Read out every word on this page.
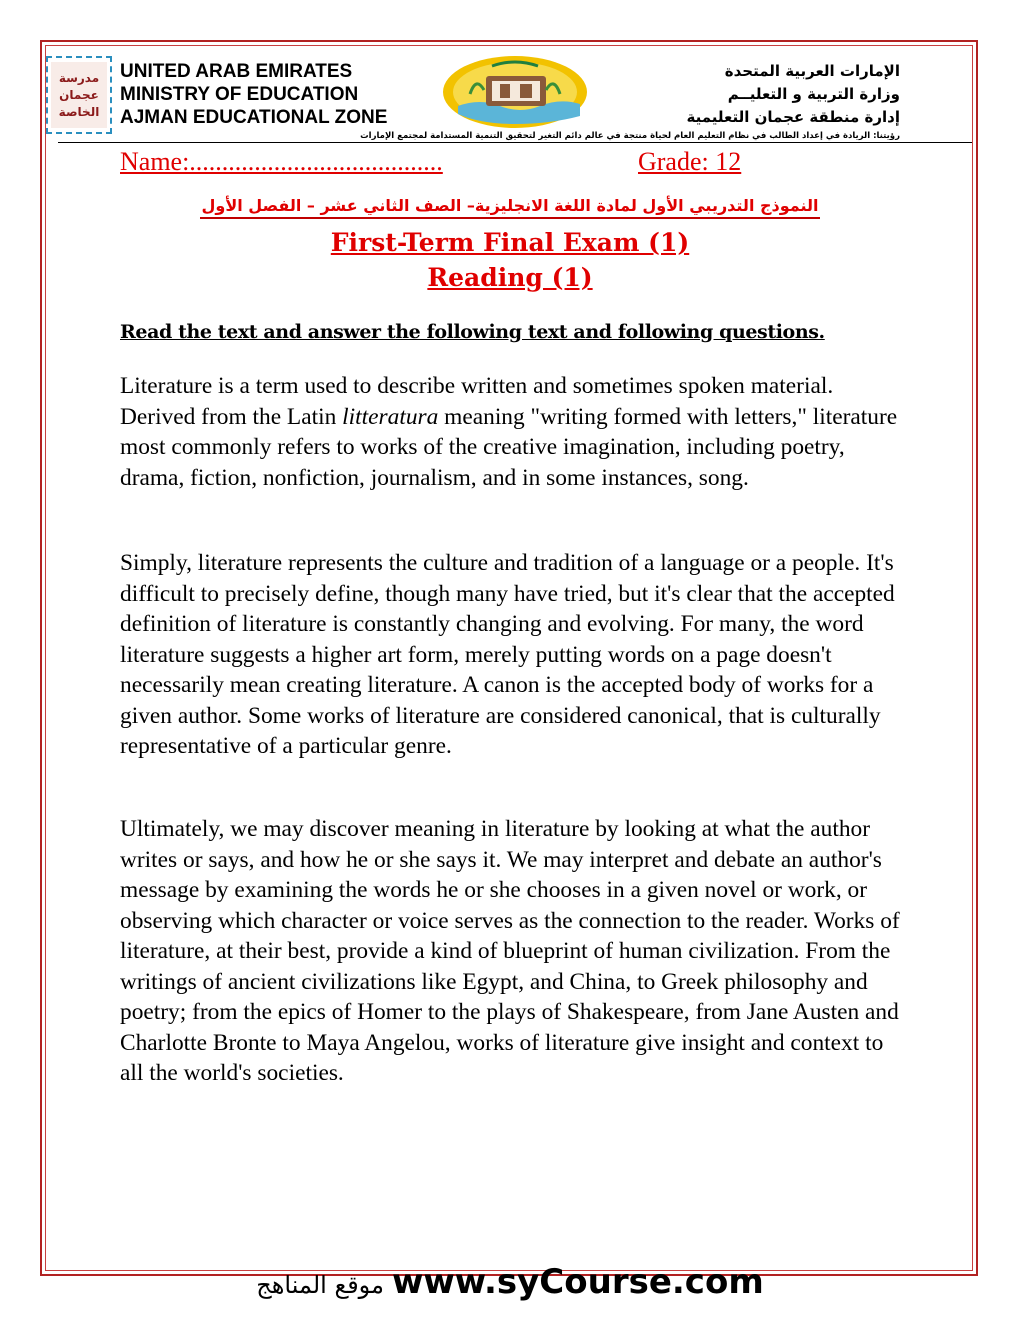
مدرسة
عجمان
الخاصة
UNITED ARAB EMIRATES
MINISTRY OF EDUCATION
AJMAN EDUCATIONAL ZONE
الإمارات العربية المتحدة
وزارة التربية و التعليــم
إدارة منطقة عجمان التعليمية
رؤيتنا: الريادة في إعداد الطالب في نظام التعليم العام لحياة منتجة في عالم دائم التغير لتحقيق التنمية المستدامة لمجتمع الإمارات
Name:.......................................	Grade: 12
النموذج التدريبي الأول لمادة اللغة الانجليزية– الصف الثاني عشر – الفصل الأول
First-Term Final Exam (1)
Reading (1)
Read the text and answer the following text and following questions.

Literature is a term used to describe written and sometimes spoken material. Derived from the Latin litteratura meaning "writing formed with letters," literature most commonly refers to works of the creative imagination, including poetry, drama, fiction, nonfiction, journalism, and in some instances, song.

Simply, literature represents the culture and tradition of a language or a people. It's difficult to precisely define, though many have tried, but it's clear that the accepted definition of literature is constantly changing and evolving. For many, the word literature suggests a higher art form, merely putting words on a page doesn't necessarily mean creating literature. A canon is the accepted body of works for a given author. Some works of literature are considered canonical, that is culturally representative of a particular genre.

Ultimately, we may discover meaning in literature by looking at what the author writes or says, and how he or she says it. We may interpret and debate an author's message by examining the words he or she chooses in a given novel or work, or observing which character or voice serves as the connection to the reader. Works of literature, at their best, provide a kind of blueprint of human civilization. From the writings of ancient civilizations like Egypt, and China, to Greek philosophy and poetry; from the epics of Homer to the plays of Shakespeare, from Jane Austen and Charlotte Bronte to Maya Angelou, works of literature give insight and context to all the world's societies.

موقع المناهج www.syCourse.com
